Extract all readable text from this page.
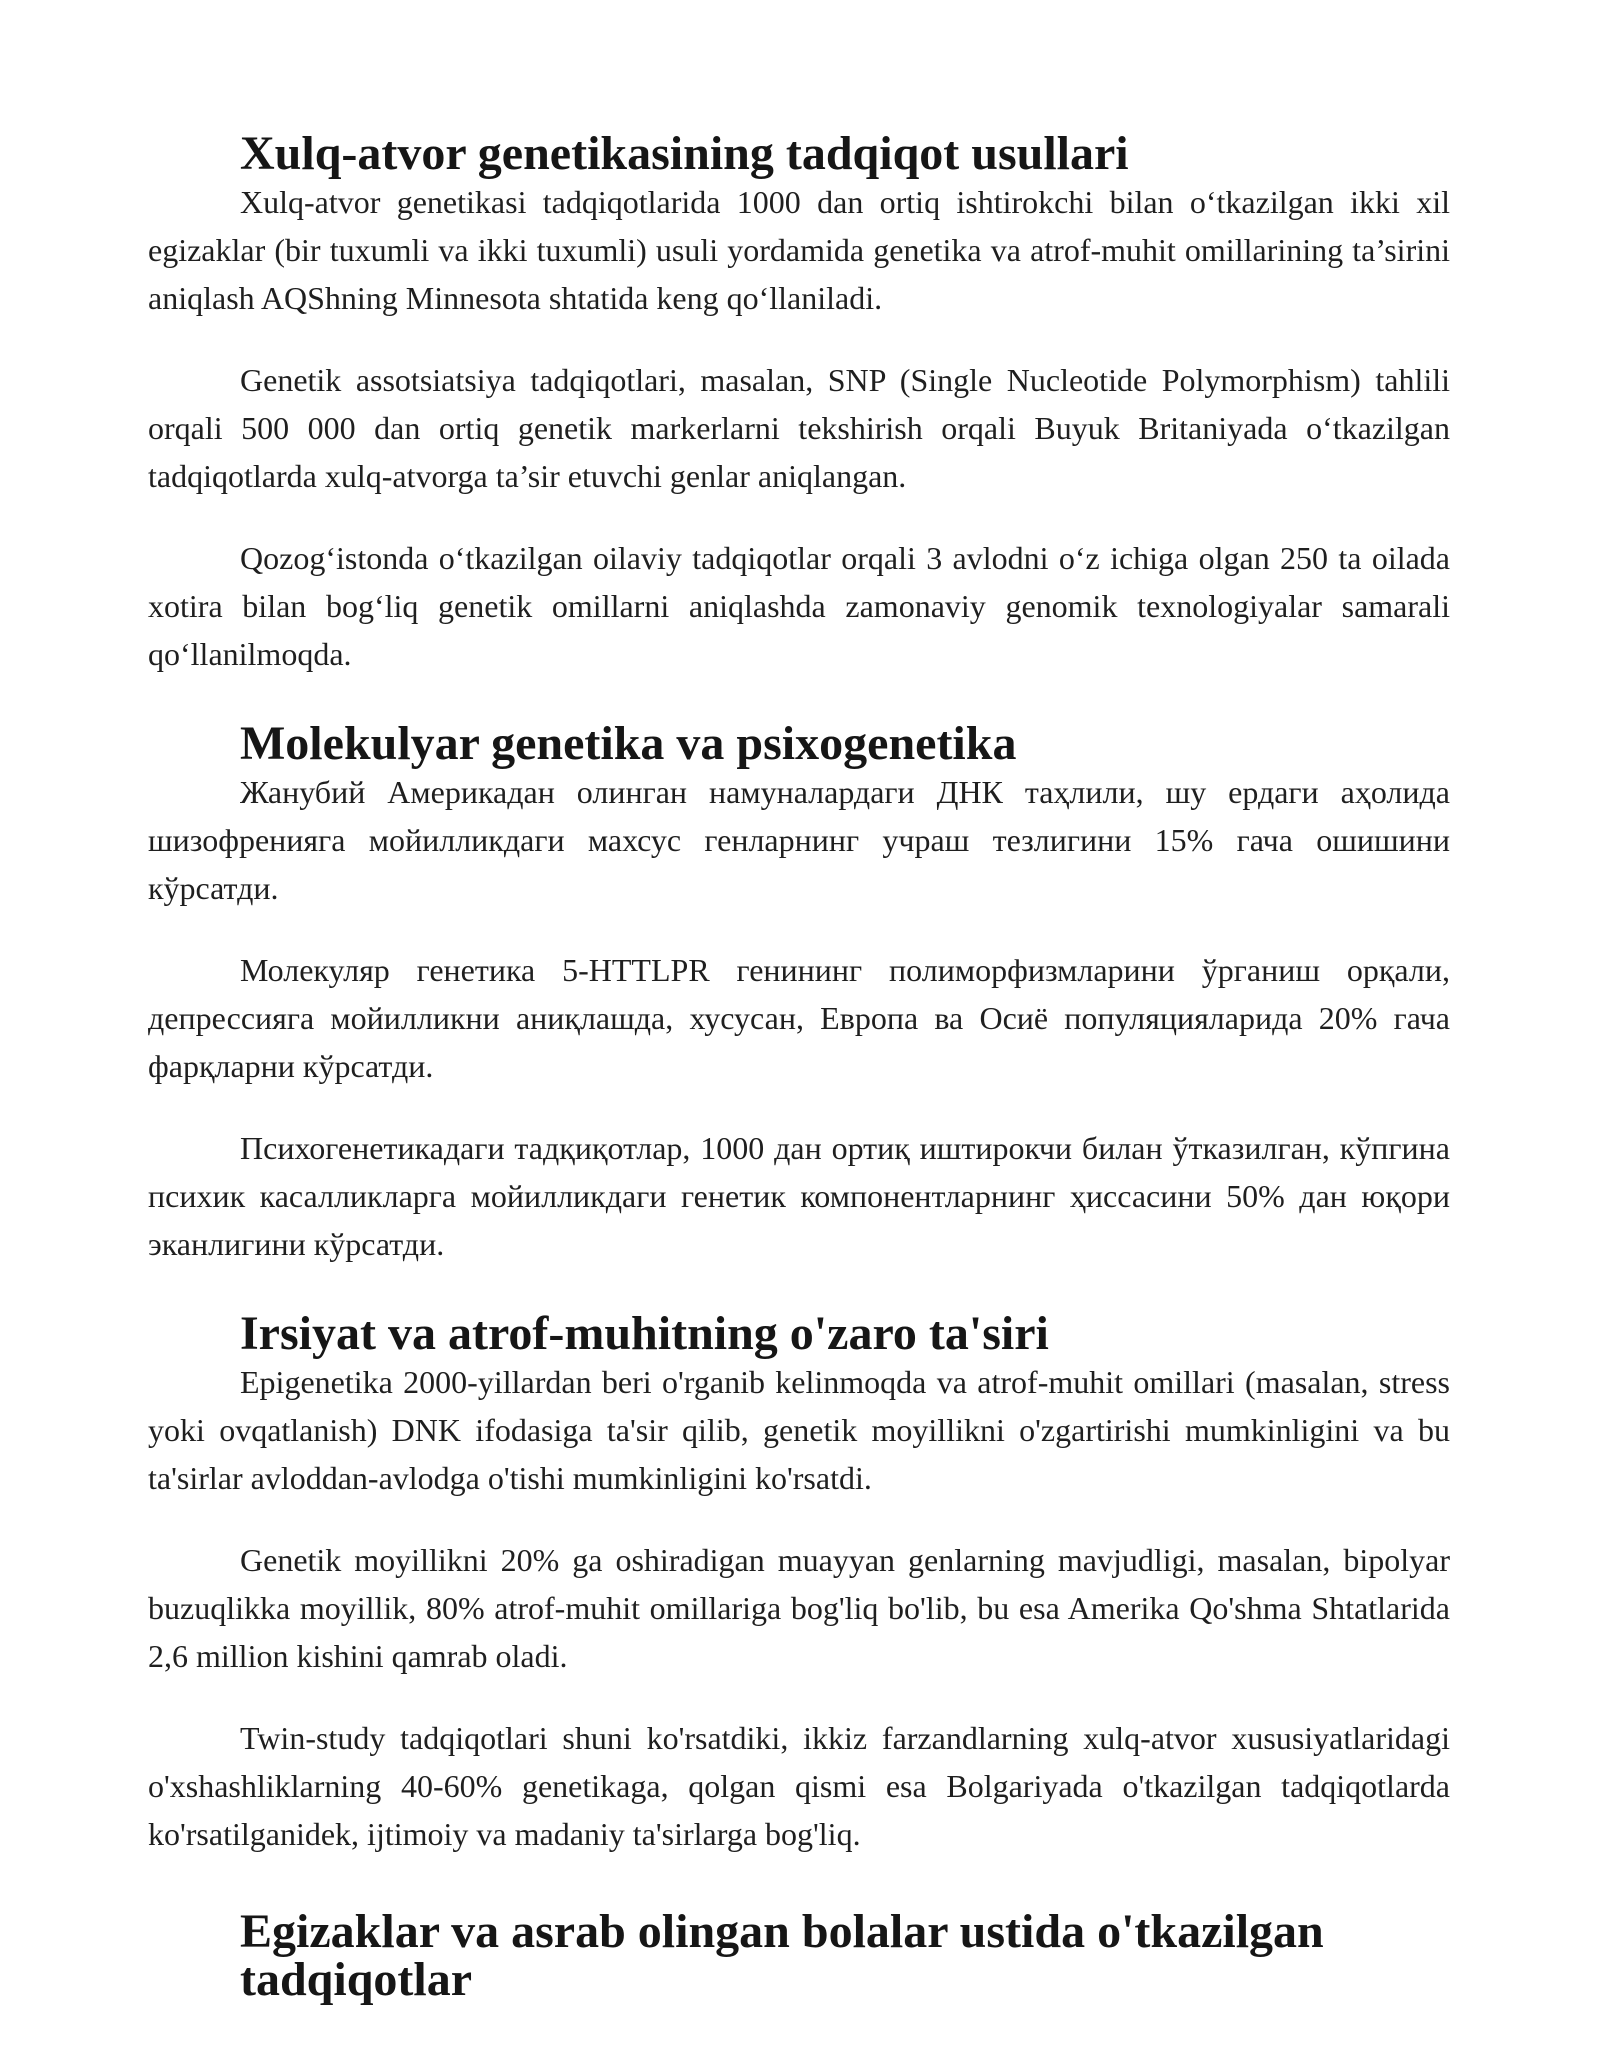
Xulq-atvor genetikasining tadqiqot usullari

Xulq-atvor genetikasi tadqiqotlarida 1000 dan ortiq ishtirokchi bilan o‘tkazilgan ikki xil egizaklar (bir tuxumli va ikki tuxumli) usuli yordamida genetika va atrof-muhit omillarining ta’sirini aniqlash AQShning Minnesota shtatida keng qo‘llaniladi.

Genetik assotsiatsiya tadqiqotlari, masalan, SNP (Single Nucleotide Polymorphism) tahlili orqali 500 000 dan ortiq genetik markerlarni tekshirish orqali Buyuk Britaniyada o‘tkazilgan tadqiqotlarda xulq-atvorga ta’sir etuvchi genlar aniqlangan.

Qozog‘istonda o‘tkazilgan oilaviy tadqiqotlar orqali 3 avlodni o‘z ichiga olgan 250 ta oilada xotira bilan bog‘liq genetik omillarni aniqlashda zamonaviy genomik texnologiyalar samarali qo‘llanilmoqda.

Molekulyar genetika va psixogenetika

Жанубий Америкадан олинган намуналардаги ДНК таҳлили, шу ердаги аҳолида шизофренияга мойилликдаги махсус генларнинг учраш тезлигини 15% гача ошишини кўрсатди.

Молекуляр генетика 5-HTTLPR генининг полиморфизмларини ўрганиш орқали, депрессияга мойилликни аниқлашда, хусусан, Европа ва Осиё популяцияларида 20% гача фарқларни кўрсатди.

Психогенетикадаги тадқиқотлар, 1000 дан ортиқ иштирокчи билан ўтказилган, кўпгина психик касалликларга мойилликдаги генетик компонентларнинг ҳиссасини 50% дан юқори эканлигини кўрсатди.

Irsiyat va atrof-muhitning o'zaro ta'siri

Epigenetika 2000-yillardan beri o'rganib kelinmoqda va atrof-muhit omillari (masalan, stress yoki ovqatlanish) DNK ifodasiga ta'sir qilib, genetik moyillikni o'zgartirishi mumkinligini va bu ta'sirlar avloddan-avlodga o'tishi mumkinligini ko'rsatdi.

Genetik moyillikni 20% ga oshiradigan muayyan genlarning mavjudligi, masalan, bipolyar buzuqlikka moyillik, 80% atrof-muhit omillariga bog'liq bo'lib, bu esa Amerika Qo'shma Shtatlarida 2,6 million kishini qamrab oladi.

Twin-study tadqiqotlari shuni ko'rsatdiki, ikkiz farzandlarning xulq-atvor xususiyatlaridagi o'xshashliklarning 40-60% genetikaga, qolgan qismi esa Bolgariyada o'tkazilgan tadqiqotlarda ko'rsatilganidek, ijtimoiy va madaniy ta'sirlarga bog'liq.

Egizaklar va asrab olingan bolalar ustida o'tkazilgan tadqiqotlar
